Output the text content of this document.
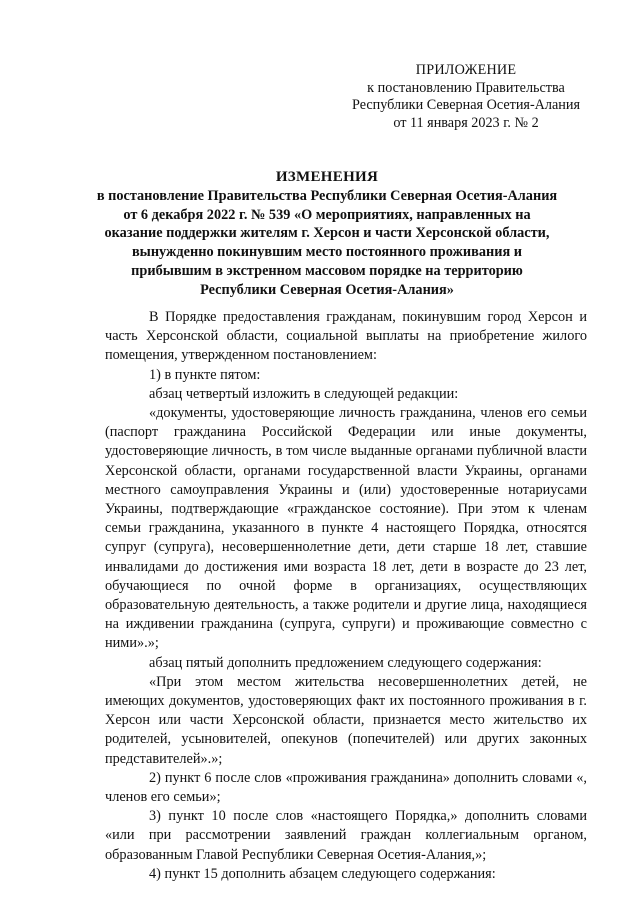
ПРИЛОЖЕНИЕ
к постановлению Правительства
Республики Северная Осетия-Алания
от 11 января 2023 г. № 2
ИЗМЕНЕНИЯ
в постановление Правительства Республики Северная Осетия-Алания
от 6 декабря 2022 г. № 539 «О мероприятиях, направленных на
оказание поддержки жителям г. Херсон и части Херсонской области,
вынужденно покинувшим место постоянного проживания и
прибывшим в экстренном массовом порядке на территорию
Республики Северная Осетия-Алания»

В Порядке предоставления гражданам, покинувшим город Херсон и часть Херсонской области, социальной выплаты на приобретение жилого помещения, утвержденном постановлением:

1) в пункте пятом:

абзац четвертый изложить в следующей редакции:

«документы, удостоверяющие личность гражданина, членов его семьи (паспорт гражданина Российской Федерации или иные документы, удостоверяющие личность, в том числе выданные органами публичной власти Херсонской области, органами государственной власти Украины, органами местного самоуправления Украины и (или) удостоверенные нотариусами Украины, подтверждающие «гражданское состояние). При этом к членам семьи гражданина, указанного в пункте 4 настоящего Порядка, относятся супруг (супруга), несовершеннолетние дети, дети старше 18 лет, ставшие инвалидами до достижения ими возраста 18 лет, дети в возрасте до 23 лет, обучающиеся по очной форме в организациях, осуществляющих образовательную деятельность, а также родители и другие лица, находящиеся на иждивении гражданина (супруга, супруги) и проживающие совместно с ними».»;

абзац пятый дополнить предложением следующего содержания:

«При этом местом жительства несовершеннолетних детей, не имеющих документов, удостоверяющих факт их постоянного проживания в г. Херсон или части Херсонской области, признается место жительство их родителей, усыновителей, опекунов (попечителей) или других законных представителей».»;

2) пункт 6 после слов «проживания гражданина» дополнить словами «, членов его семьи»;

3) пункт 10 после слов «настоящего Порядка,» дополнить словами «или при рассмотрении заявлений граждан коллегиальным органом, образованным Главой Республики Северная Осетия-Алания,»;

4) пункт 15 дополнить абзацем следующего содержания:
